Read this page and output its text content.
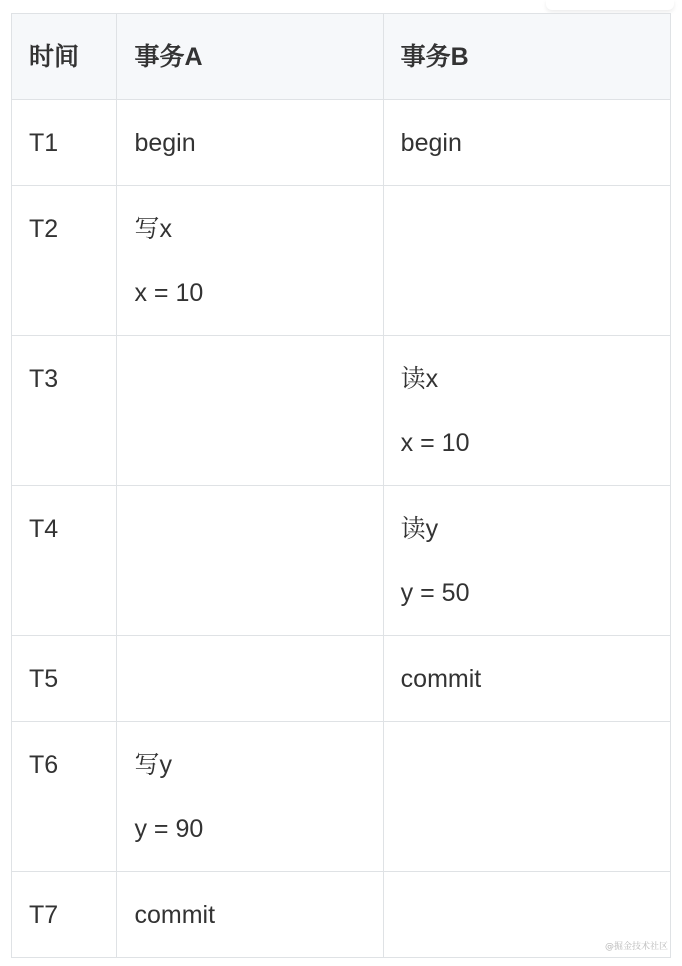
时间	事务A	事务B

T1	begin	begin

T2	写x
x = 10	

T3		读x
x = 10

T4		读y
y = 50

T5		commit

T6	写y
y = 90	

T7	commit	

@掘金技术社区
